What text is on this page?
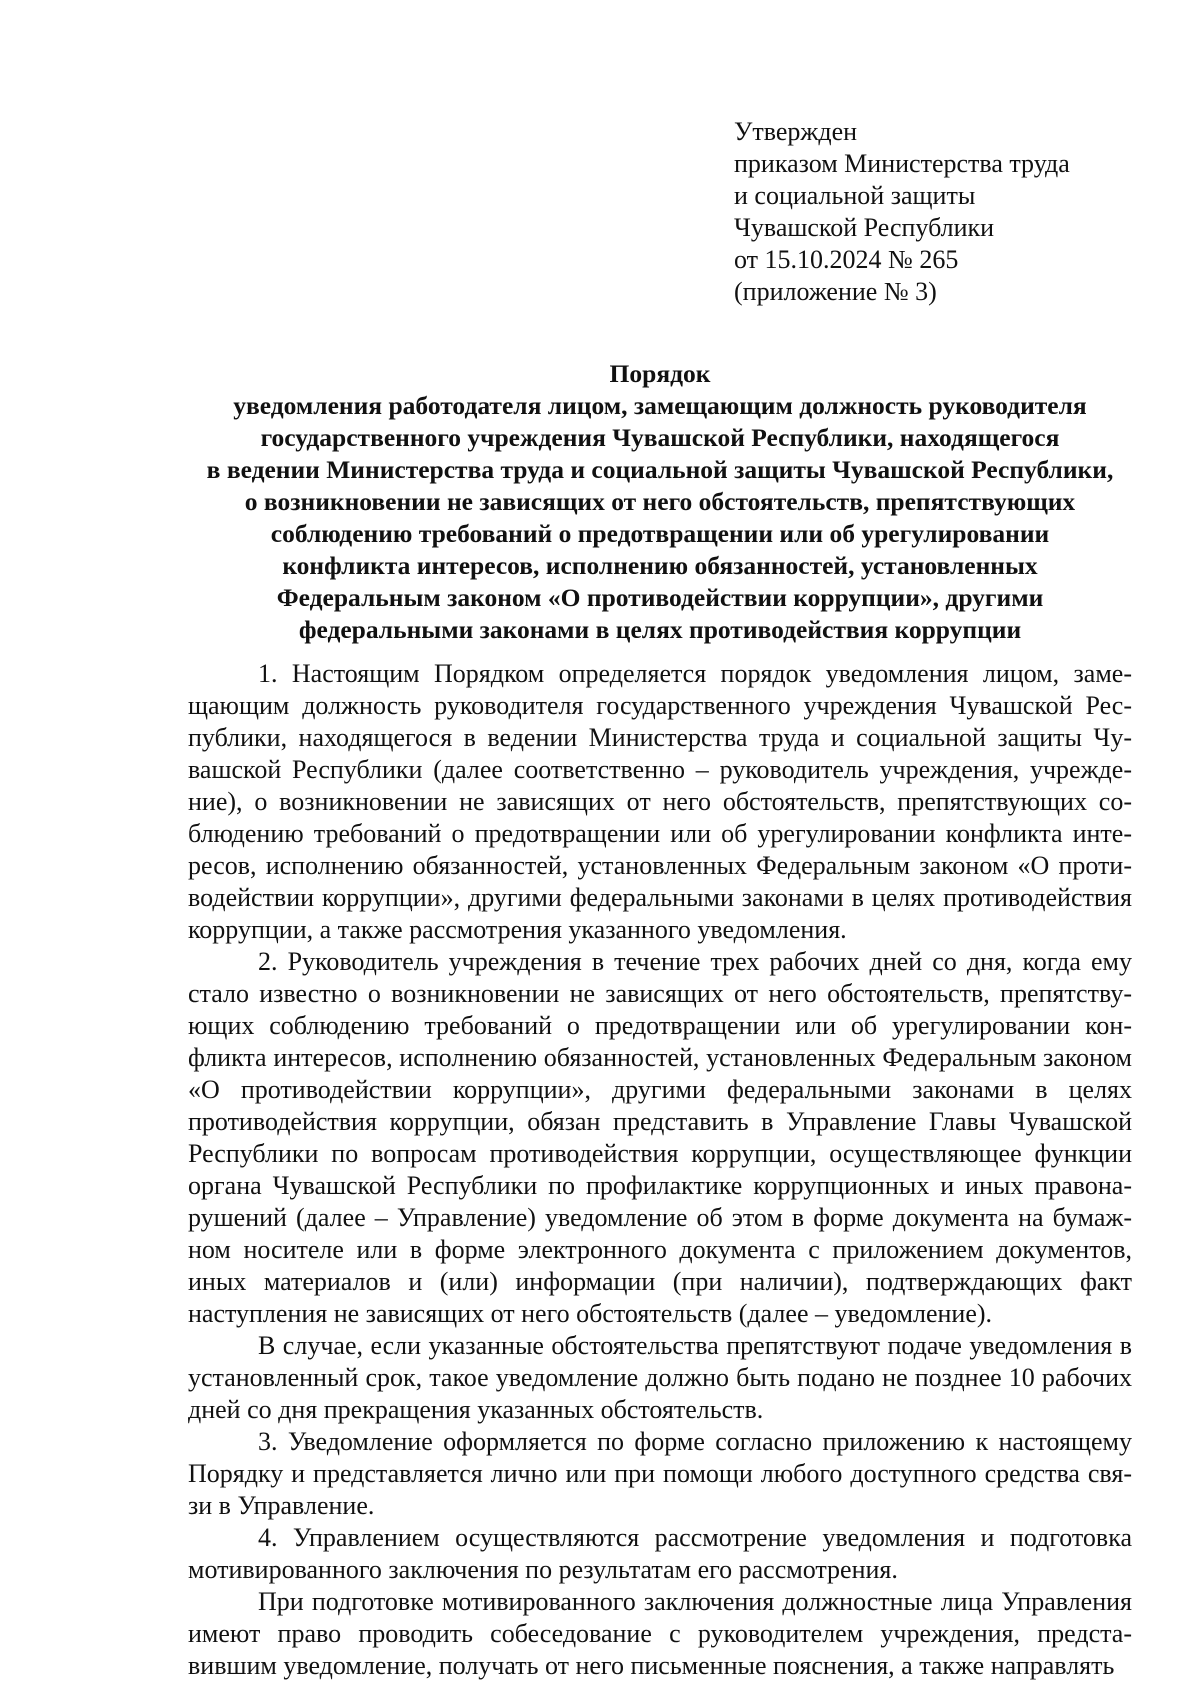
Утвержден
приказом Министерства труда
и социальной защиты
Чувашской Республики
от 15.10.2024 № 265
(приложение № 3)
Порядок
уведомления работодателя лицом, замещающим должность руководителя
государственного учреждения Чувашской Республики, находящегося
в ведении Министерства труда и социальной защиты Чувашской Республики,
о возникновении не зависящих от него обстоятельств, препятствующих
соблюдению требований о предотвращении или об урегулировании
конфликта интересов, исполнению обязанностей, установленных
Федеральным законом «О противодействии коррупции», другими
федеральными законами в целях противодействия коррупции

1. Настоящим Порядком определяется порядок уведомления лицом, замещающим должность руководителя государственного учреждения Чувашской Республики, находящегося в ведении Министерства труда и социальной защиты Чувашской Республики (далее соответственно – руководитель учреждения, учреждение), о возникновении не зависящих от него обстоятельств, препятствующих соблюдению требований о предотвращении или об урегулировании конфликта интересов, исполнению обязанностей, установленных Федеральным законом «О противодействии коррупции», другими федеральными законами в целях противодействия коррупции, а также рассмотрения указанного уведомления.

2. Руководитель учреждения в течение трех рабочих дней со дня, когда ему стало известно о возникновении не зависящих от него обстоятельств, препятствующих соблюдению требований о предотвращении или об урегулировании конфликта интересов, исполнению обязанностей, установленных Федеральным законом «О противодействии коррупции», другими федеральными законами в целях противодействия коррупции, обязан представить в Управление Главы Чувашской Республики по вопросам противодействия коррупции, осуществляющее функции органа Чувашской Республики по профилактике коррупционных и иных правонарушений (далее – Управление) уведомление об этом в форме документа на бумажном носителе или в форме электронного документа с приложением документов, иных материалов и (или) информации (при наличии), подтверждающих факт наступления не зависящих от него обстоятельств (далее – уведомление).

В случае, если указанные обстоятельства препятствуют подаче уведомления в установленный срок, такое уведомление должно быть подано не позднее 10 рабочих дней со дня прекращения указанных обстоятельств.

3. Уведомление оформляется по форме согласно приложению к настоящему Порядку и представляется лично или при помощи любого доступного средства связи в Управление.

4. Управлением осуществляются рассмотрение уведомления и подготовка мотивированного заключения по результатам его рассмотрения.

При подготовке мотивированного заключения должностные лица Управления имеют право проводить собеседование с руководителем учреждения, представившим уведомление, получать от него письменные пояснения, а также направлять
